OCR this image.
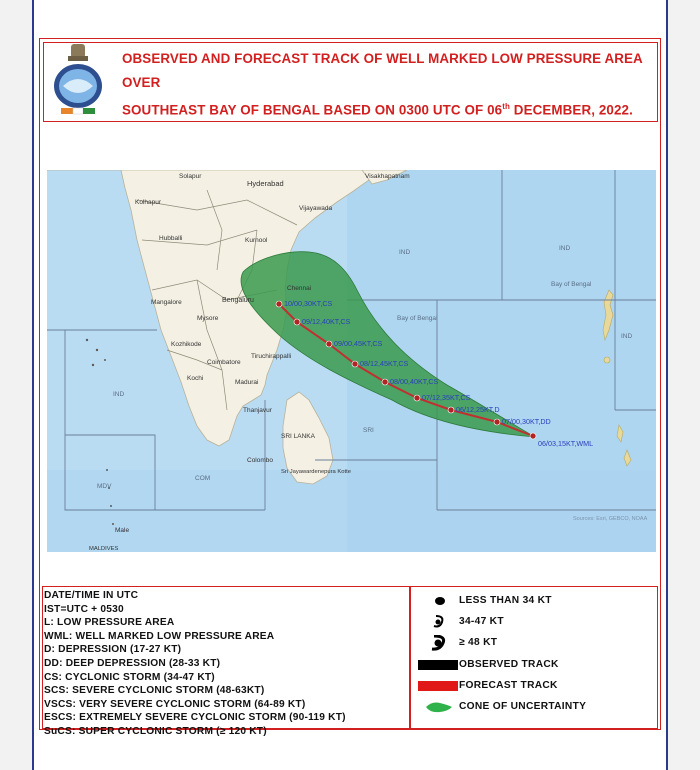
OBSERVED AND FORECAST TRACK OF WELL MARKED LOW PRESSURE AREA OVER
SOUTHEAST BAY OF BENGAL BASED ON 0300 UTC OF 06th DECEMBER, 2022.
06/03,15KT,WML
07/00,30KT,DD
06/12,25KT,D
07/12,35KT,CS
08/00,40KT,CS
08/12,45KT,CS
09/00,45KT,CS
09/12,40KT,CS
10/00,30KT,CS
Hyderabad
Visakhapatnam
Vijayawada
Solapur
Kolhapur
Hubballi	Kurnool
Bengaluru
Mangalore
Mysore
Kozhikode
Coimbatore
Tiruchirappalli
Madurai
Kochi
Chennai
Thanjavur
SRI LANKA
Colombo
Sri Jayawardenepura Kotte
Male
MALDIVES
Bay of Bengal
Bay of Bengal
IND
IND
IND
SRI
COM
IND
MDV
Sources: Esri, GEBCO, NOAA
DATE/TIME IN UTC
IST=UTC + 0530
L: LOW PRESSURE AREA
WML: WELL MARKED LOW PRESSURE AREA
D: DEPRESSION (17-27 KT)
DD: DEEP DEPRESSION (28-33 KT)
CS: CYCLONIC STORM (34-47 KT)
SCS: SEVERE CYCLONIC STORM (48-63KT)
VSCS: VERY SEVERE CYCLONIC STORM (64-89 KT)
ESCS: EXTREMELY SEVERE CYCLONIC STORM (90-119 KT)
SuCS: SUPER CYCLONIC STORM (≥ 120 KT)
LESS THAN 34 KT
34-47 KT
≥ 48 KT
OBSERVED TRACK
FORECAST TRACK
CONE OF UNCERTAINTY
